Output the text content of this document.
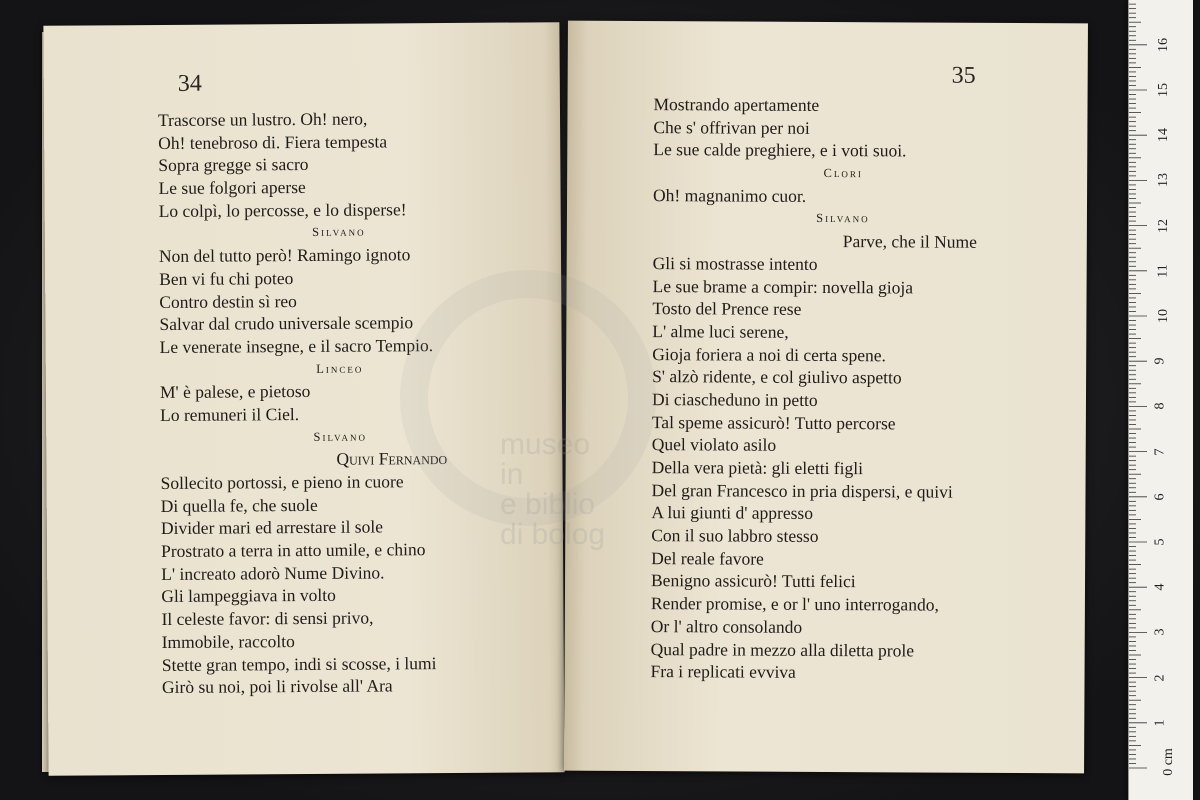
34
Trascorse un lustro. Oh! nero,
Oh! tenebroso di. Fiera tempesta
Sopra gregge si sacro
Le sue folgori aperse
Lo colpì, lo percosse, e lo disperse!
Silvano
Non del tutto però! Ramingo ignoto
Ben vi fu chi poteo
Contro destin sì reo
Salvar dal crudo universale scempio
Le venerate insegne, e il sacro Tempio.
Linceo
M' è palese, e pietoso
Lo remuneri il Ciel.
Silvano
Quivi Fernando
Sollecito portossi, e pieno in cuore
Di quella fe, che suole
Divider mari ed arrestare il sole
Prostrato a terra in atto umile, e chino
L' increato adorò Nume Divino.
Gli lampeggiava in volto
Il celeste favor: di sensi privo,
Immobile, raccolto
Stette gran tempo, indi si scosse, i lumi
Girò su noi, poi li rivolse all' Ara
35
Mostrando apertamente
Che s' offrivan per noi
Le sue calde preghiere, e i voti suoi.
Clori
Oh! magnanimo cuor.
Silvano
Parve, che il Nume
Gli si mostrasse intento
Le sue brame a compir: novella gioja
Tosto del Prence rese
L' alme luci serene,
Gioja foriera a noi di certa spene.
S' alzò ridente, e col giulivo aspetto
Di ciascheduno in petto
Tal speme assicurò! Tutto percorse
Quel violato asilo
Della vera pietà: gli eletti figli
Del gran Francesco in pria dispersi, e quivi
A lui giunti d' appresso
Con il suo labbro stesso
Del reale favore
Benigno assicurò! Tutti felici
Render promise, e or l' uno interrogando,
Or l' altro consolando
Qual padre in mezzo alla diletta prole
Fra i replicati evviva
museo in
e biblio
di bolog
0 cm
1
2
3
4
5
6
7
8
9
10
11
12
13
14
15
16
